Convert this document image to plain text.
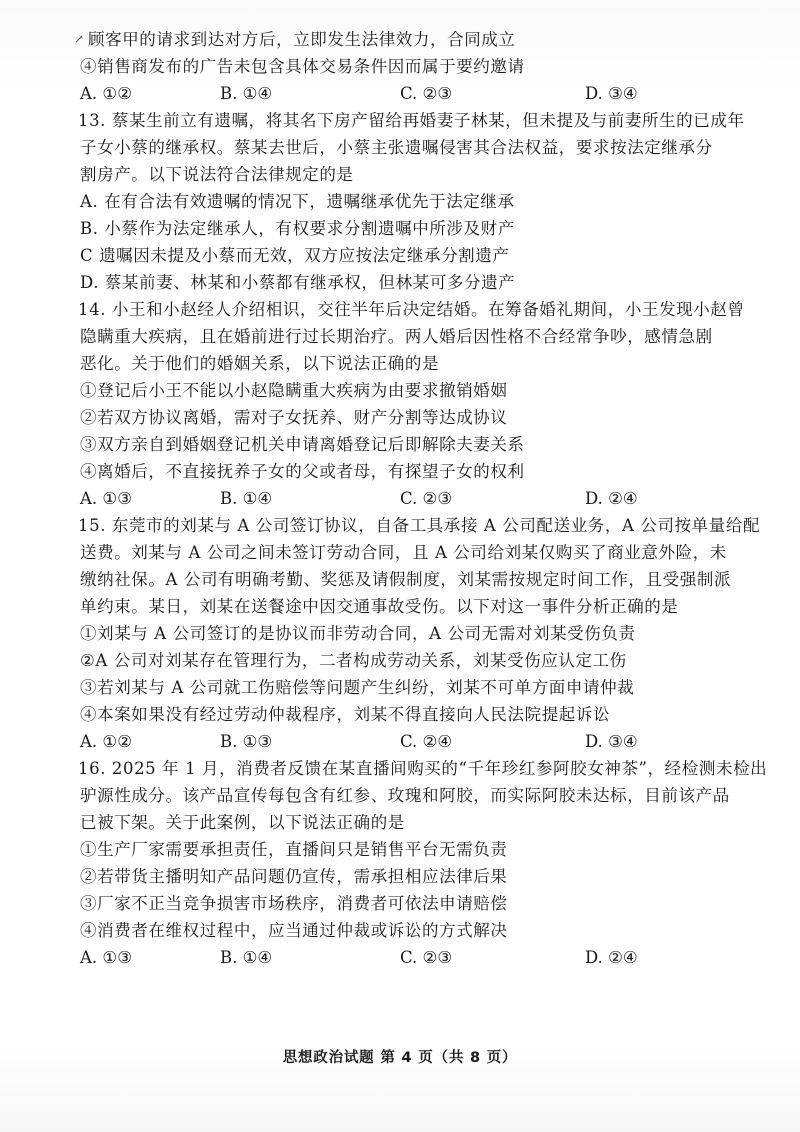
↗ 顾客甲的请求到达对方后，立即发生法律效力，合同成立
④销售商发布的广告未包含具体交易条件因而属于要约邀请
A. ①②	B. ①④	C. ②③	D. ③④
13. 蔡某生前立有遗嘱，将其名下房产留给再婚妻子林某，但未提及与前妻所生的已成年
子女小蔡的继承权。蔡某去世后，小蔡主张遗嘱侵害其合法权益，要求按法定继承分
割房产。以下说法符合法律规定的是
A. 在有合法有效遗嘱的情况下，遗嘱继承优先于法定继承
B. 小蔡作为法定继承人，有权要求分割遗嘱中所涉及财产
C 遗嘱因未提及小蔡而无效，双方应按法定继承分割遗产
D. 蔡某前妻、林某和小蔡都有继承权，但林某可多分遗产
14. 小王和小赵经人介绍相识，交往半年后决定结婚。在筹备婚礼期间，小王发现小赵曾
隐瞒重大疾病，且在婚前进行过长期治疗。两人婚后因性格不合经常争吵，感情急剧
恶化。关于他们的婚姻关系，以下说法正确的是
①登记后小王不能以小赵隐瞒重大疾病为由要求撤销婚姻
②若双方协议离婚，需对子女抚养、财产分割等达成协议
③双方亲自到婚姻登记机关申请离婚登记后即解除夫妻关系
④离婚后，不直接抚养子女的父或者母，有探望子女的权利
A. ①③	B. ①④	C. ②③	D. ②④
15. 东莞市的刘某与 A 公司签订协议，自备工具承接 A 公司配送业务，A 公司按单量给配
送费。刘某与 A 公司之间未签订劳动合同，且 A 公司给刘某仅购买了商业意外险，未
缴纳社保。A 公司有明确考勤、奖惩及请假制度，刘某需按规定时间工作，且受强制派
单约束。某日，刘某在送餐途中因交通事故受伤。以下对这一事件分析正确的是
①刘某与 A 公司签订的是协议而非劳动合同，A 公司无需对刘某受伤负责
②A 公司对刘某存在管理行为，二者构成劳动关系，刘某受伤应认定工伤
③若刘某与 A 公司就工伤赔偿等问题产生纠纷，刘某不可单方面申请仲裁
④本案如果没有经过劳动仲裁程序，刘某不得直接向人民法院提起诉讼
A. ①②	B. ①③	C. ②④	D. ③④
16. 2025 年 1 月，消费者反馈在某直播间购买的“千年珍红参阿胶女神茶”，经检测未检出
驴源性成分。该产品宣传每包含有红参、玫瑰和阿胶，而实际阿胶未达标，目前该产品
已被下架。关于此案例，以下说法正确的是
①生产厂家需要承担责任，直播间只是销售平台无需负责
②若带货主播明知产品问题仍宣传，需承担相应法律后果
③厂家不正当竞争损害市场秩序，消费者可依法申请赔偿
④消费者在维权过程中，应当通过仲裁或诉讼的方式解决
A. ①③	B. ①④	C. ②③	D. ②④
思想政治试题 第 4 页（共 8 页）
